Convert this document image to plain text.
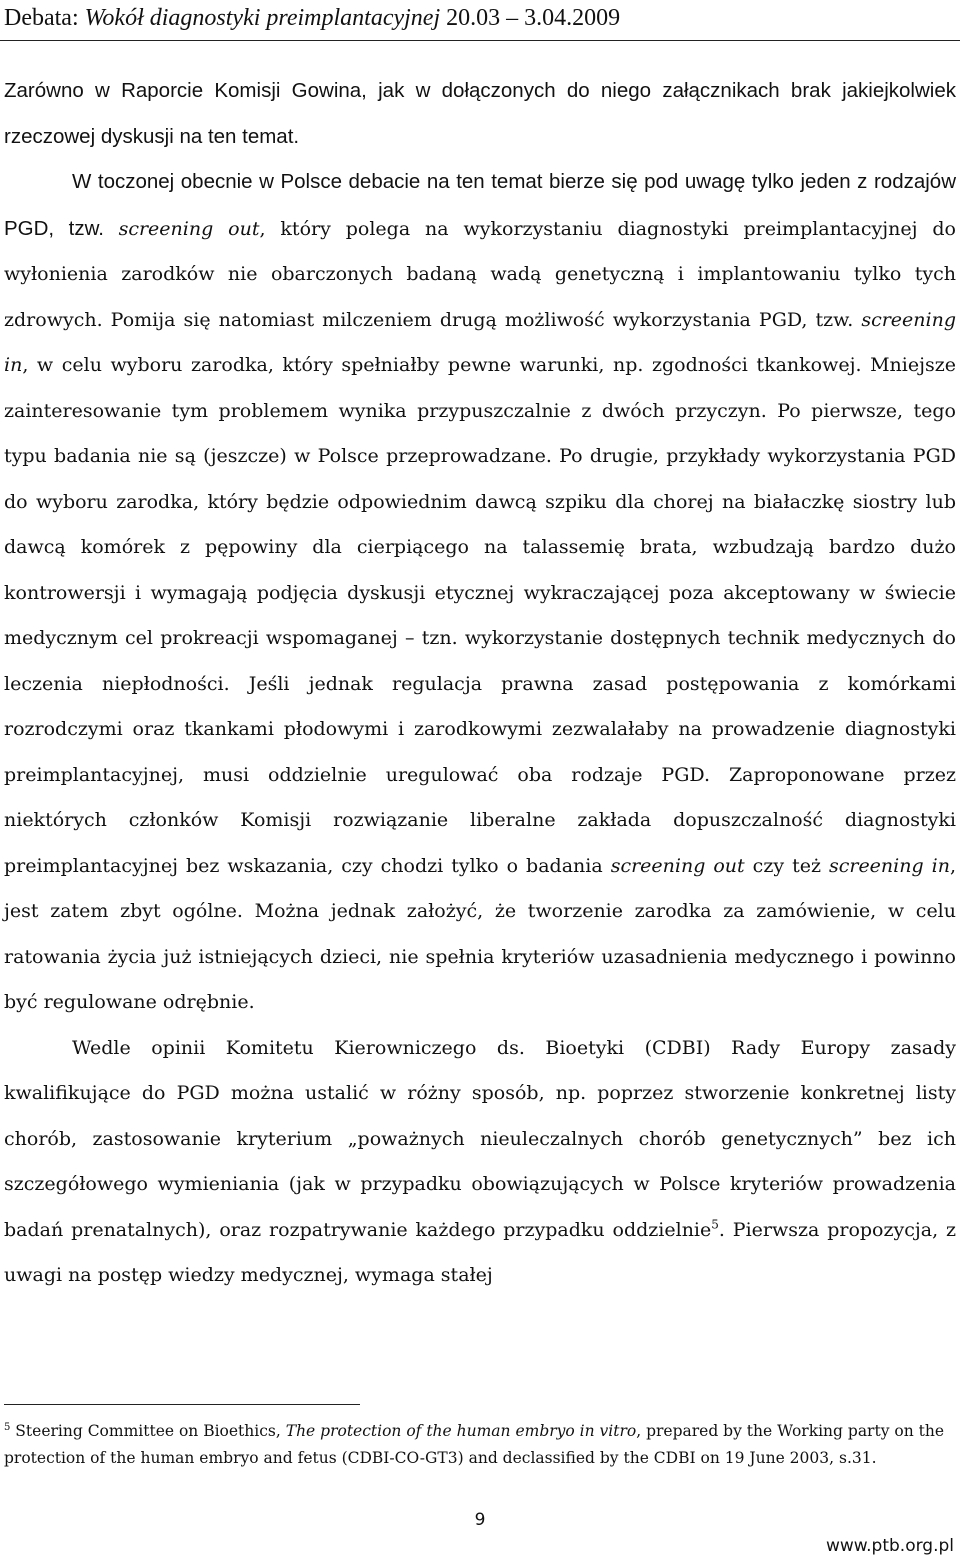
Debata: Wokół diagnostyki preimplantacyjnej 20.03 – 3.04.2009

Zarówno w Raporcie Komisji Gowina, jak w dołączonych do niego załącznikach brak jakiejkolwiek rzeczowej dyskusji na ten temat.

W toczonej obecnie w Polsce debacie na ten temat bierze się pod uwagę tylko jeden z rodzajów PGD, tzw. screening out, który polega na wykorzystaniu diagnostyki preimplantacyjnej do wyłonienia zarodków nie obarczonych badaną wadą genetyczną i implantowaniu tylko tych zdrowych. Pomija się natomiast milczeniem drugą możliwość wykorzystania PGD, tzw. screening in, w celu wyboru zarodka, który spełniałby pewne warunki, np. zgodności tkankowej. Mniejsze zainteresowanie tym problemem wynika przypuszczalnie z dwóch przyczyn. Po pierwsze, tego typu badania nie są (jeszcze) w Polsce przeprowadzane. Po drugie, przykłady wykorzystania PGD do wyboru zarodka, który będzie odpowiednim dawcą szpiku dla chorej na białaczkę siostry lub dawcą komórek z pępowiny dla cierpiącego na talassemię brata, wzbudzają bardzo dużo kontrowersji i wymagają podjęcia dyskusji etycznej wykraczającej poza akceptowany w świecie medycznym cel prokreacji wspomaganej – tzn. wykorzystanie dostępnych technik medycznych do leczenia niepłodności. Jeśli jednak regulacja prawna zasad postępowania z komórkami rozrodczymi oraz tkankami płodowymi i zarodkowymi zezwalałaby na prowadzenie diagnostyki preimplantacyjnej, musi oddzielnie uregulować oba rodzaje PGD. Zaproponowane przez niektórych członków Komisji rozwiązanie liberalne zakłada dopuszczalność diagnostyki preimplantacyjnej bez wskazania, czy chodzi tylko o badania screening out czy też screening in, jest zatem zbyt ogólne. Można jednak założyć, że tworzenie zarodka za zamówienie, w celu ratowania życia już istniejących dzieci, nie spełnia kryteriów uzasadnienia medycznego i powinno być regulowane odrębnie.

Wedle opinii Komitetu Kierowniczego ds. Bioetyki (CDBI) Rady Europy zasady kwalifikujące do PGD można ustalić w różny sposób, np. poprzez stworzenie konkretnej listy chorób, zastosowanie kryterium „poważnych nieuleczalnych chorób genetycznych” bez ich szczegółowego wymieniania (jak w przypadku obowiązujących w Polsce kryteriów prowadzenia badań prenatalnych), oraz rozpatrywanie każdego przypadku oddzielnie$^5$. Pierwsza propozycja, z uwagi na postęp wiedzy medycznej, wymaga stałej

$^5$ Steering Committee on Bioethics, The protection of the human embryo in vitro, prepared by the Working party on the protection of the human embryo and fetus (CDBI-CO-GT3) and declassified by the CDBI on 19 June 2003, s.31.
9
www.ptb.org.pl
